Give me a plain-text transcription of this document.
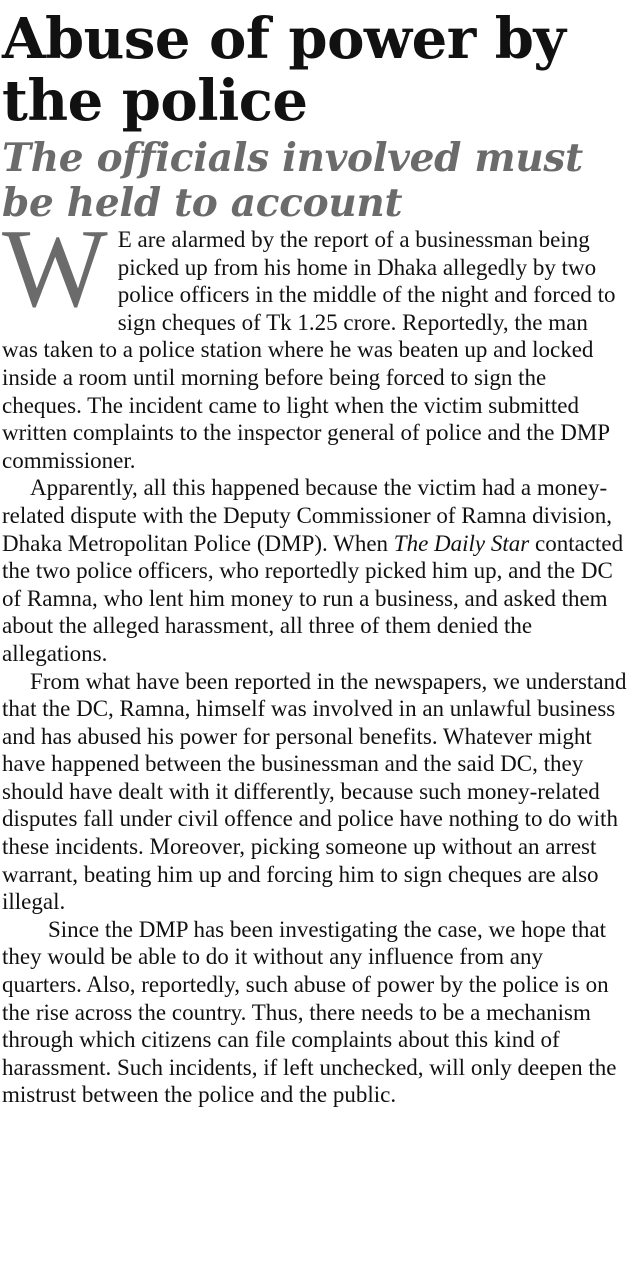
Abuse of power by the police
The officials involved must be held to account

W E are alarmed by the report of a businessman being picked up from his home in Dhaka allegedly by two police officers in the middle of the night and forced to sign cheques of Tk 1.25 crore. Reportedly, the man was taken to a police station where he was beaten up and locked inside a room until morning before being forced to sign the cheques. The incident came to light when the victim submitted written complaints to the inspector general of police and the DMP commissioner.

Apparently, all this happened because the victim had a money-related dispute with the Deputy Commissioner of Ramna division, Dhaka Metropolitan Police (DMP). When The Daily Star contacted the two police officers, who reportedly picked him up, and the DC of Ramna, who lent him money to run a business, and asked them about the alleged harassment, all three of them denied the allegations.

From what have been reported in the newspapers, we understand that the DC, Ramna, himself was involved in an unlawful business and has abused his power for personal benefits. Whatever might have happened between the businessman and the said DC, they should have dealt with it differently, because such money-related disputes fall under civil offence and police have nothing to do with these incidents. Moreover, picking someone up without an arrest warrant, beating him up and forcing him to sign cheques are also illegal.

Since the DMP has been investigating the case, we hope that they would be able to do it without any influence from any quarters. Also, reportedly, such abuse of power by the police is on the rise across the country. Thus, there needs to be a mechanism through which citizens can file complaints about this kind of harassment. Such incidents, if left unchecked, will only deepen the mistrust between the police and the public.
